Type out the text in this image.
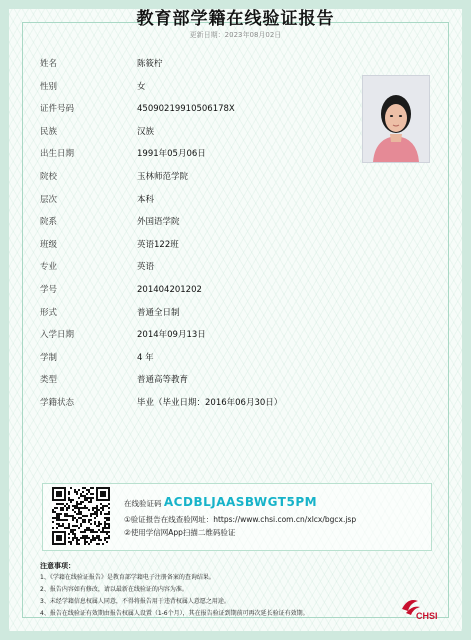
教育部学籍在线验证报告
更新日期：2023年08月02日
姓名	陈筱柠
性别	女
证件号码	45090219910506178X
民族	汉族
出生日期	1991年05月06日
院校	玉林师范学院
层次	本科
院系	外国语学院
班级	英语122班
专业	英语
学号	201404201202
形式	普通全日制
入学日期	2014年09月13日
学制	4 年
类型	普通高等教育
学籍状态	毕业（毕业日期：2016年06月30日）
在线验证码 ACDBLJAASBWGT5PM
①验证报告在线查验网址：https://www.chsi.com.cn/xlcx/bgcx.jsp
②使用学信网App扫描二维码验证
注意事项：
1、《学籍在线验证报告》是教育部学籍电子注册备案的查询结果。
2、报告内容如有修改，请以最新在线验证的内容为准。
3、未经学籍信息权属人同意，不得将报告用于违背权属人意愿之用途。
4、报告在线验证有效期由报告权属人设置（1-6个月），其在报告验证到期前可再次延长验证有效期。	CHSI
